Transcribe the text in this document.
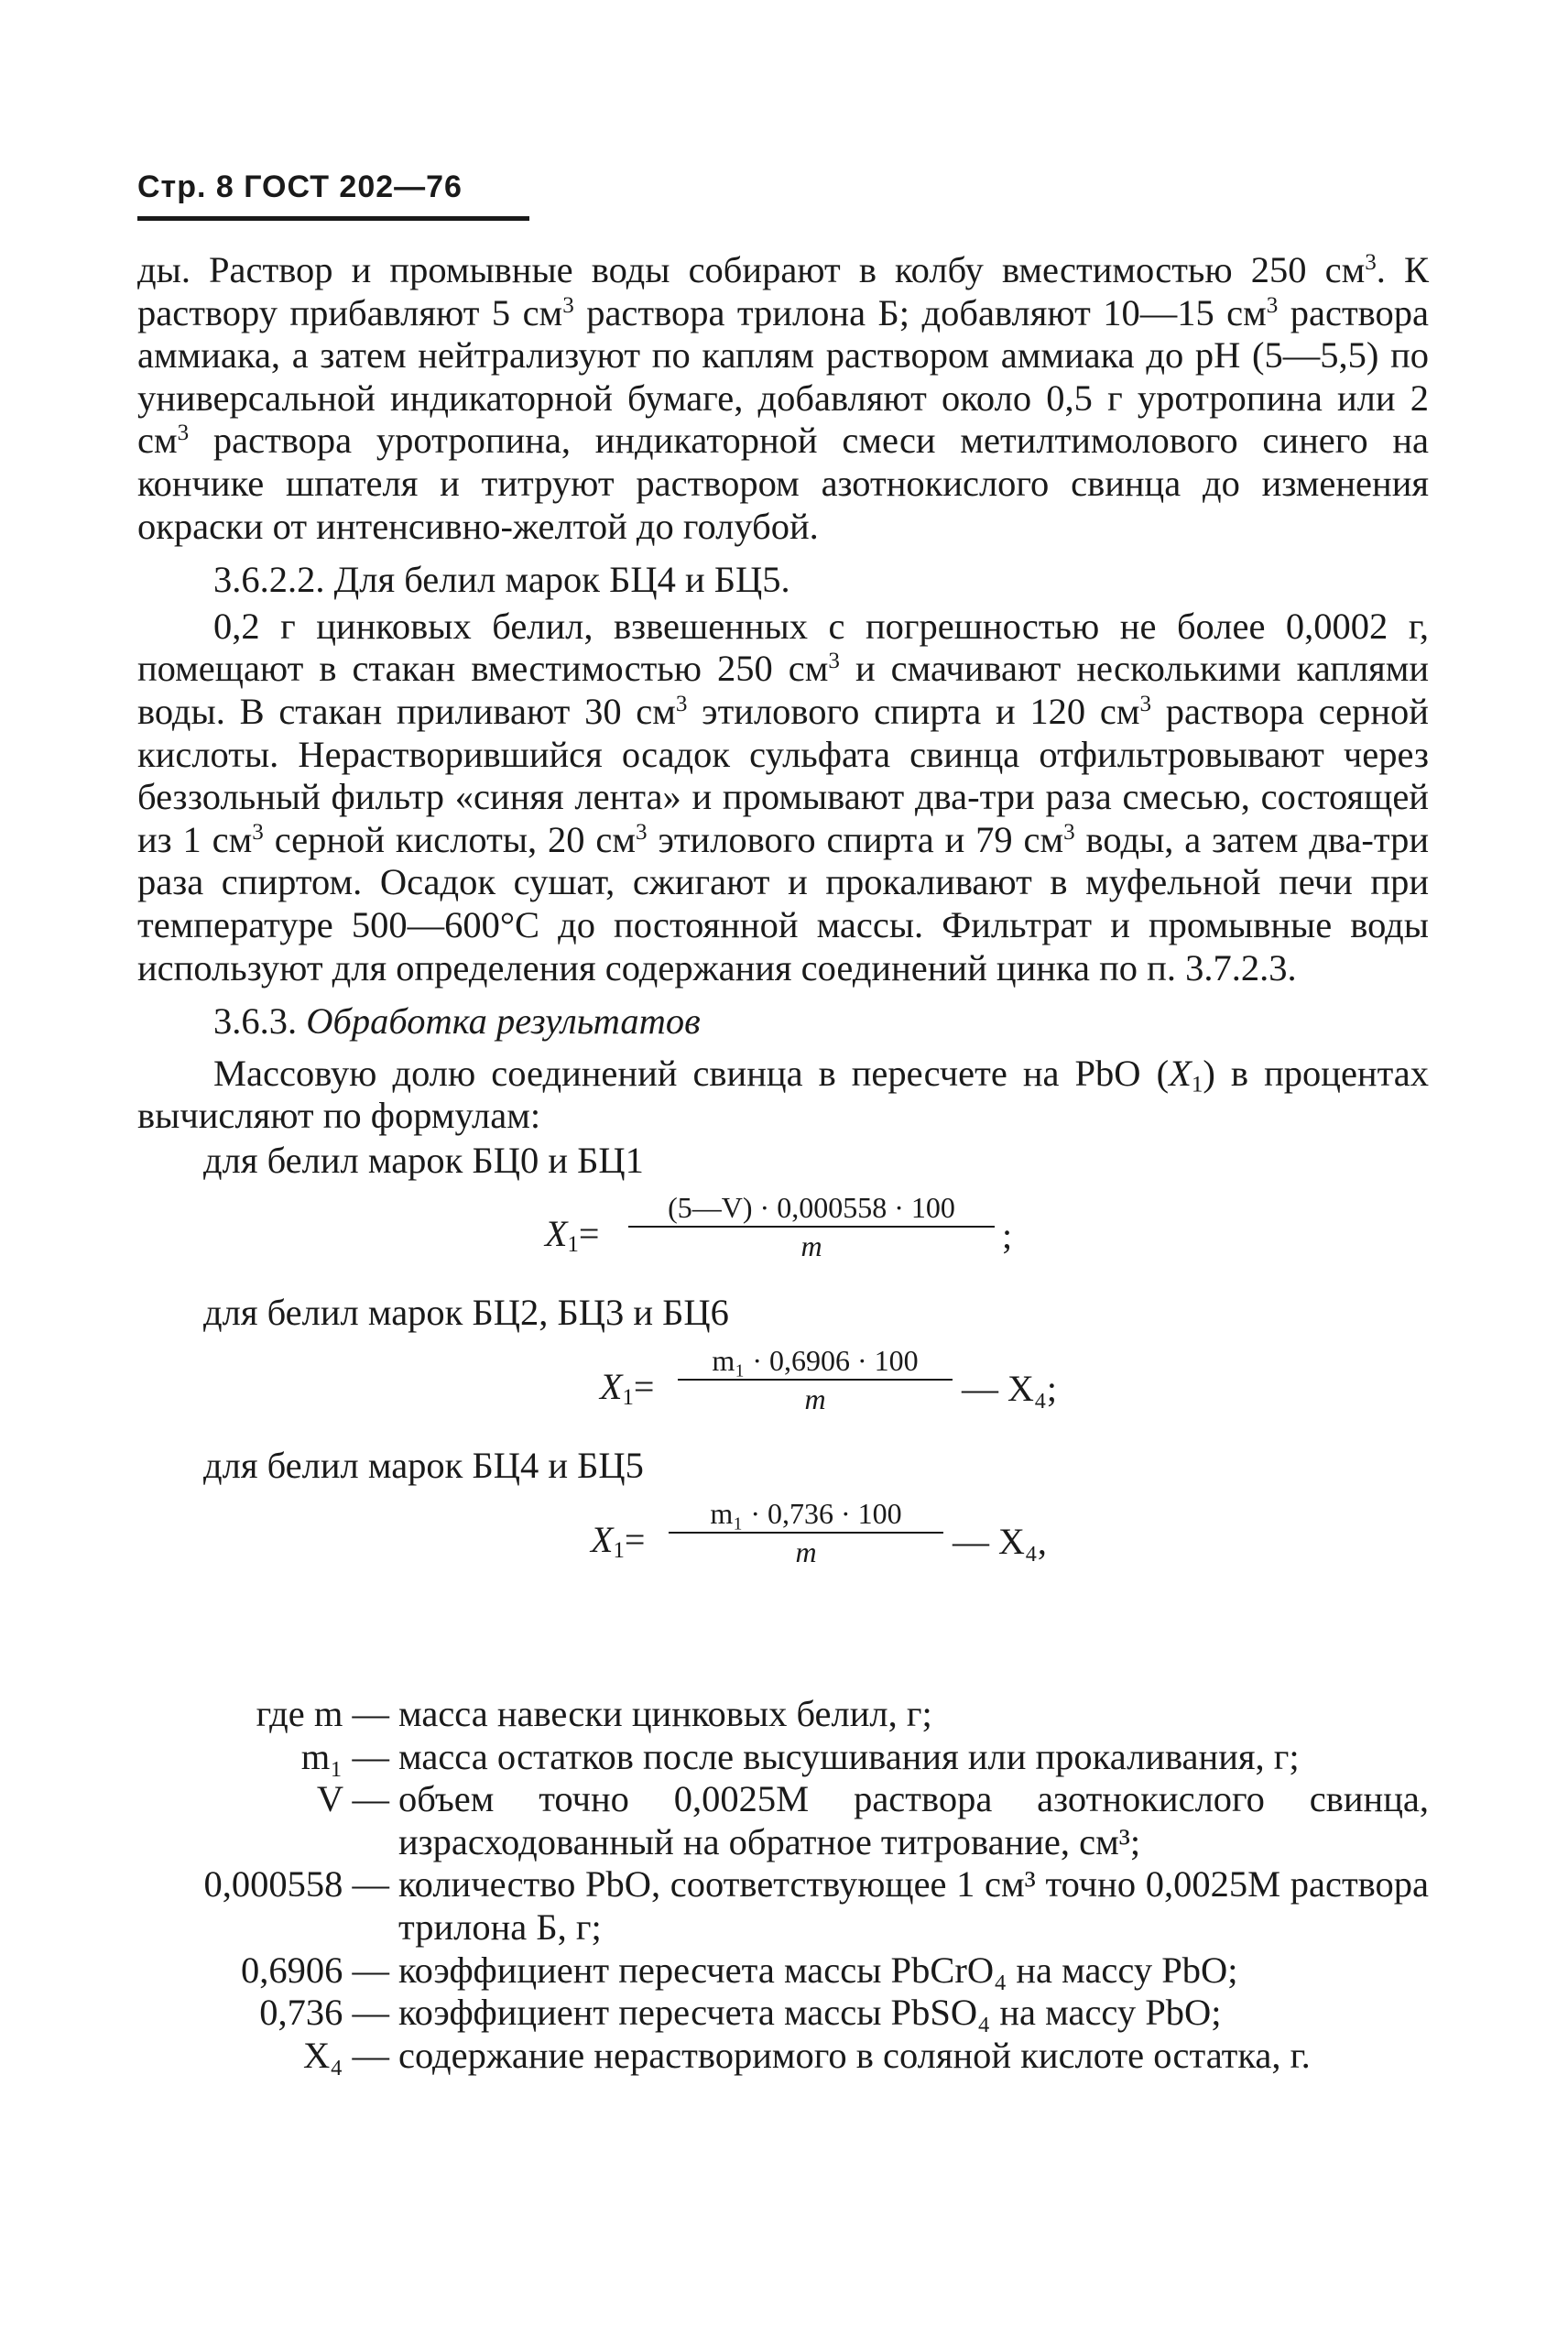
Стр. 8 ГОСТ 202—76

ды. Раствор и промывные воды собирают в колбу вместимостью 250 $см^3$. К раствору прибавляют 5 $см^3$ раствора трилона Б; добавляют 10—15 $см^3$ раствора аммиака, а затем нейтрализуют по каплям раствором аммиака до рН (5—5,5) по универсальной индикаторной бумаге, добавляют около 0,5 г уротропина или 2 $см^3$ раствора уротропина, индикаторной смеси метилтимолового синего на кончике шпателя и титруют раствором азотнокислого свинца до изменения окраски от интенсивно-желтой до голубой.

3.6.2.2. Для белил марок БЦ4 и БЦ5.

0,2 г цинковых белил, взвешенных с погрешностью не более 0,0002 г, помещают в стакан вместимостью 250 $см^3$ и смачивают несколькими каплями воды. В стакан приливают 30 $см^3$ этилового спирта и 120 $см^3$ раствора серной кислоты. Нерастворившийся осадок сульфата свинца отфильтровывают через беззольный фильтр «синяя лента» и промывают два-три раза смесью, состоящей из 1 $см^3$ серной кислоты, 20 $см^3$ этилового спирта и 79 $см^3$ воды, а затем два-три раза спиртом. Осадок сушат, сжигают и прокаливают в муфельной печи при температуре 500—600°С до постоянной массы. Фильтрат и промывные воды используют для определения содержания соединений цинка по п. 3.7.2.3.

3.6.3. Обработка результатов

Массовую долю соединений свинца в пересчете на PbO $(X_1)$ в процентах вычисляют по формулам:

для белил марок БЦ0 и БЦ1

$X_1=$
(5—V) · 0,000558 · 100
m	;

для белил марок БЦ2, БЦ3 и БЦ6

$X_1=$
m₁ · 0,6906 · 100
m	— X₄;

для белил марок БЦ4 и БЦ5

$X_1=$
m₁ · 0,736 · 100
m	— X₄,
где m — масса навески цинковых белил, г;
m₁ — масса остатков после высушивания или прокаливания, г;
V — объем точно 0,0025М раствора азотнокислого свинца, израсходованный на обратное титрование, см³;
0,000558 — количество PbO, соответствующее 1 см³ точно 0,0025М раствора трилона Б, г;
0,6906 — коэффициент пересчета массы PbCrO₄ на массу PbO;
0,736 — коэффициент пересчета массы PbSO₄ на массу PbO;
X₄ — содержание нерастворимого в соляной кислоте остатка, г.
